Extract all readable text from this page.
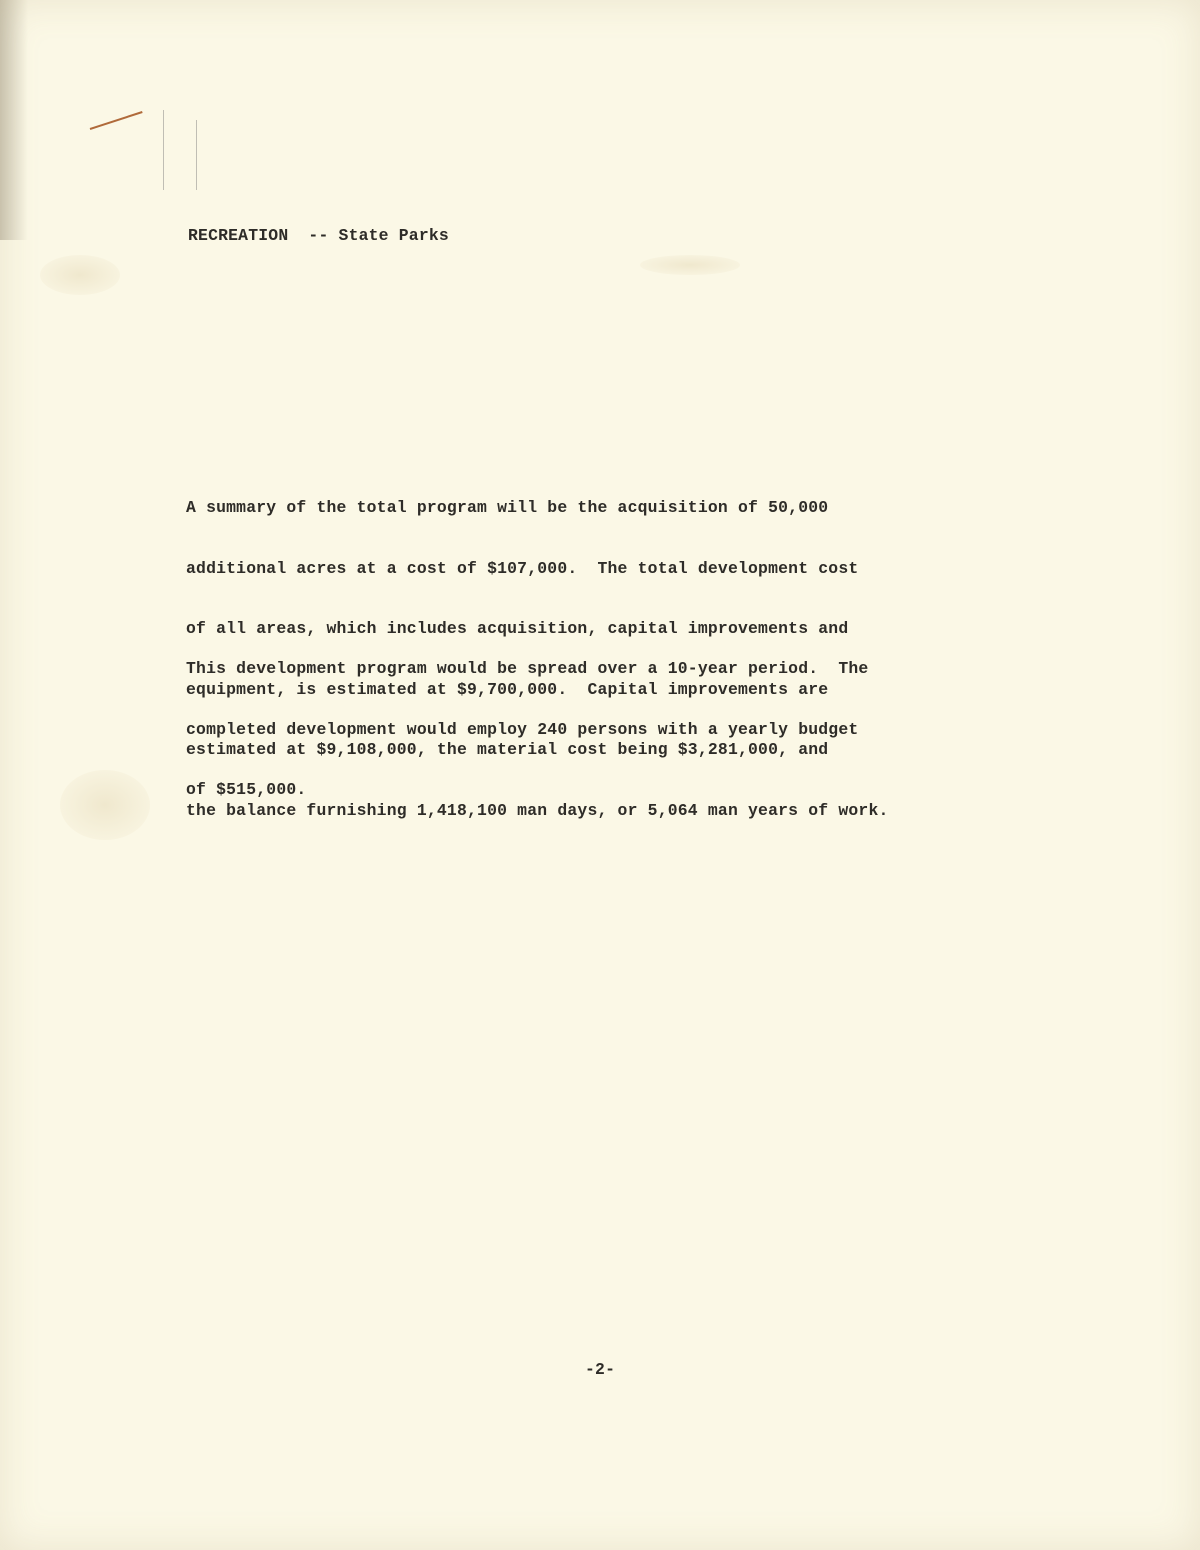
RECREATION  -- State Parks

A summary of the total program will be the acquisition of 50,000

additional acres at a cost of $107,000.  The total development cost

of all areas, which includes acquisition, capital improvements and

equipment, is estimated at $9,700,000.  Capital improvements are

estimated at $9,108,000, the material cost being $3,281,000, and

the balance furnishing 1,418,100 man days, or 5,064 man years of work.

This development program would be spread over a 10-year period.  The

completed development would employ 240 persons with a yearly budget

of $515,000.

-2-
